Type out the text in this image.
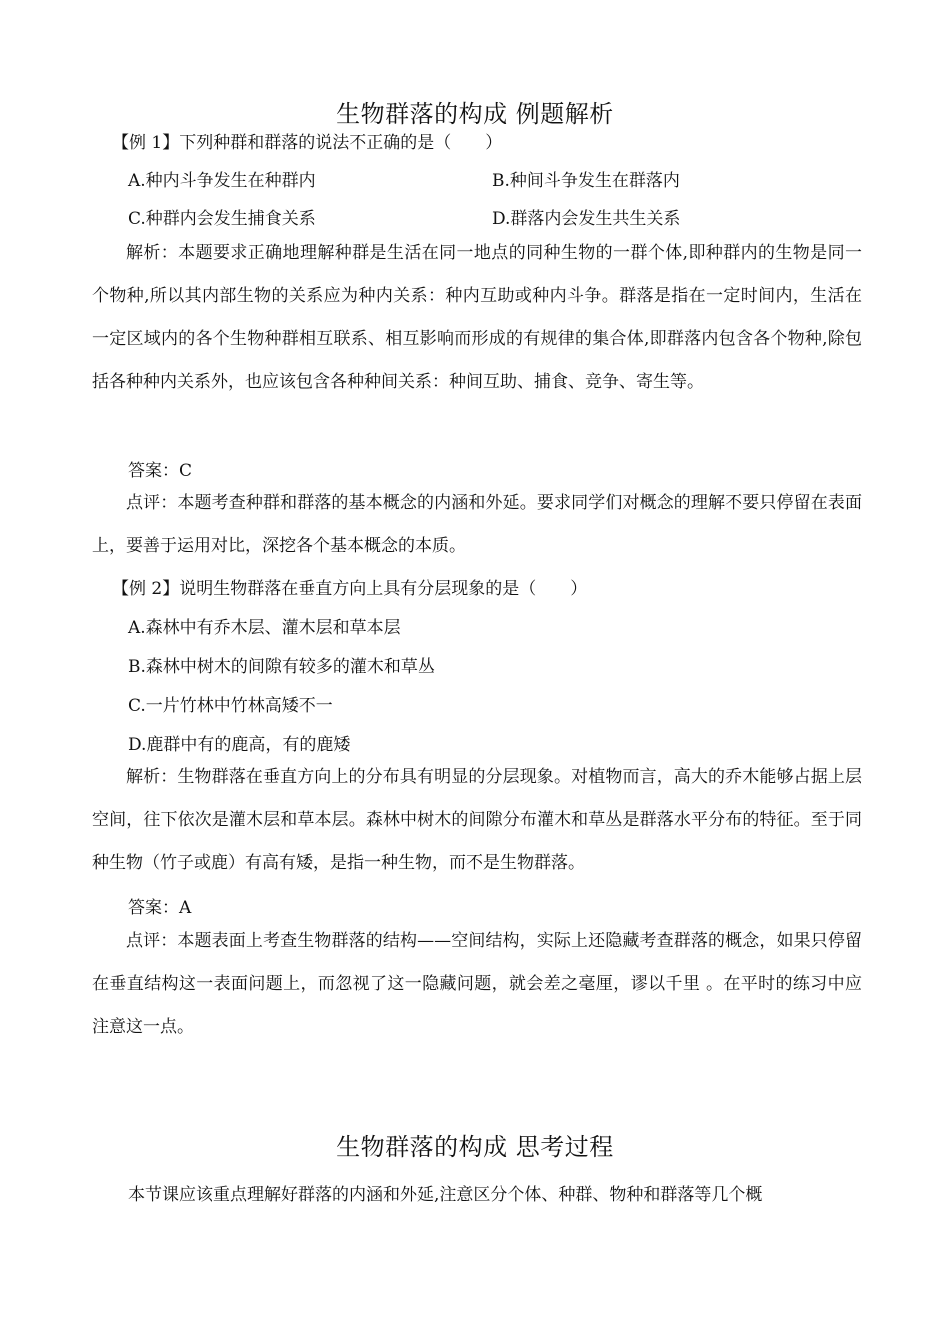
生物群落的构成 例题解析
【例 1】下列种群和群落的说法不正确的是（　　）
A.种内斗争发生在种群内	B.种间斗争发生在群落内
C.种群内会发生捕食关系	D.群落内会发生共生关系

解析：本题要求正确地理解种群是生活在同一地点的同种生物的一群个体,即种群内的生物是同一个物种,所以其内部生物的关系应为种内关系：种内互助或种内斗争。群落是指在一定时间内，生活在一定区域内的各个生物种群相互联系、相互影响而形成的有规律的集合体,即群落内包含各个物种,除包括各种种内关系外，也应该包含各种种间关系：种间互助、捕食、竞争、寄生等。

答案：C

点评：本题考查种群和群落的基本概念的内涵和外延。要求同学们对概念的理解不要只停留在表面上，要善于运用对比，深挖各个基本概念的本质。

【例 2】说明生物群落在垂直方向上具有分层现象的是（　　）
A.森林中有乔木层、灌木层和草本层
B.森林中树木的间隙有较多的灌木和草丛
C.一片竹林中竹林高矮不一
D.鹿群中有的鹿高，有的鹿矮

解析：生物群落在垂直方向上的分布具有明显的分层现象。对植物而言，高大的乔木能够占据上层空间，往下依次是灌木层和草本层。森林中树木的间隙分布灌木和草丛是群落水平分布的特征。至于同种生物（竹子或鹿）有高有矮，是指一种生物，而不是生物群落。

答案：A

点评：本题表面上考查生物群落的结构——空间结构，实际上还隐藏考查群落的概念，如果只停留在垂直结构这一表面问题上，而忽视了这一隐藏问题，就会差之毫厘，谬以千里 。在平时的练习中应注意这一点。

生物群落的构成 思考过程
本节课应该重点理解好群落的内涵和外延,注意区分个体、种群、物种和群落等几个概
